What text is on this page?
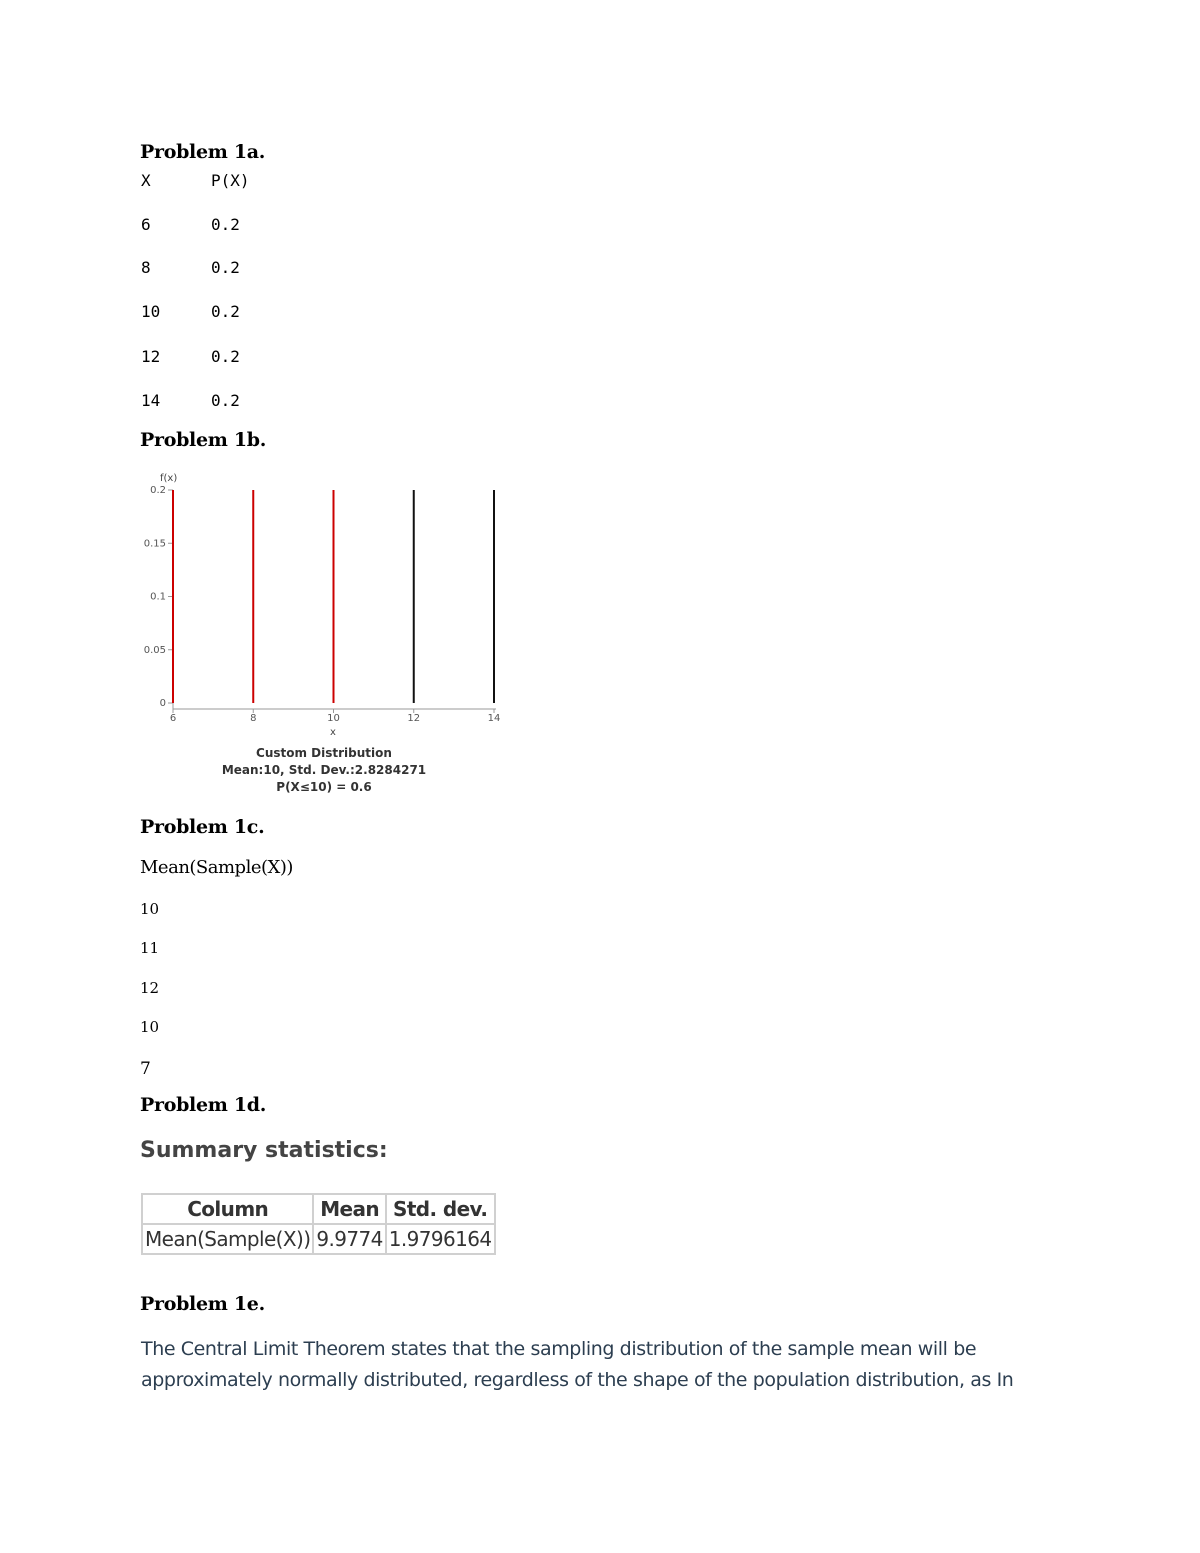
Problem 1a.
X	P(X)
6	0.2
8	0.2
10	0.2
12	0.2
14	0.2
Problem 1b.
f(x)
0.2
0.15
0.1
0.05
0
6	8	10	12	14
x
Custom Distribution
Mean:10, Std. Dev.:2.8284271
P(X≤10) = 0.6
Problem 1c.
Mean(Sample(X))
10
11
12
10
7
Problem 1d.
Summary statistics:
Column	Mean	Std. dev.
Mean(Sample(X))	9.9774	1.9796164
Problem 1e.
The Central Limit Theorem states that the sampling distribution of the sample mean will be approximately normally distributed, regardless of the shape of the population distribution, as In
